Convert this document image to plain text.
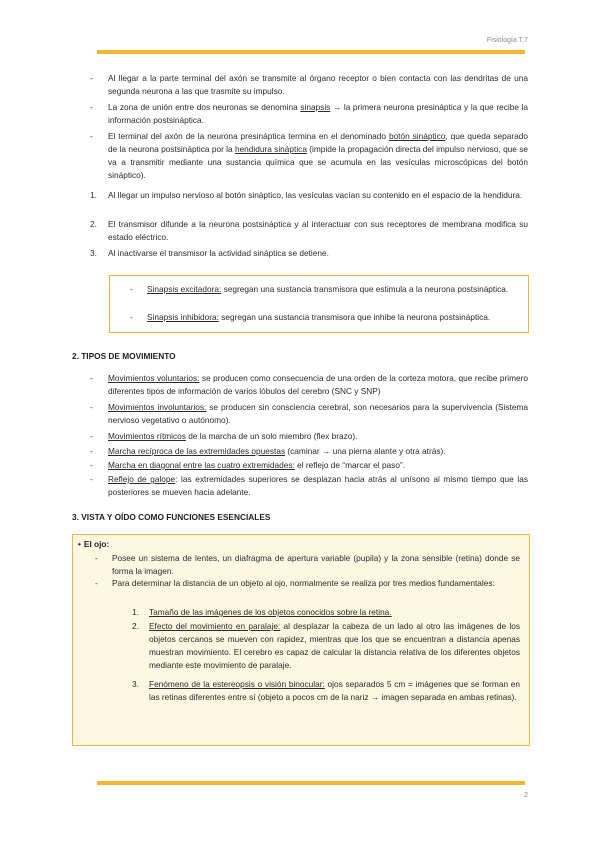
Fisiología T.7
-	Al llegar a la parte terminal del axón se transmite al órgano receptor o bien contacta con las dendritas de una segunda neurona a las que trasmite su impulso.
-	La zona de unión entre dos neuronas se denomina sinapsis → la primera neurona presináptica y la que recibe la información postsináptica.
-	El terminal del axón de la neurona presináptica termina en el denominado botón sináptico, que queda separado de la neurona postsináptica por la hendidura sináptica (impide la propagación directa del impulso nervioso, que se va a transmitir mediante una sustancia química que se acumula en las vesículas microscópicas del botón sináptico).
1.	Al llegar un impulso nervioso al botón sináptico, las vesículas vacían su contenido en el espacio de la hendidura.
2.	El transmisor difunde a la neurona postsináptica y al interactuar con sus receptores de membrana modifica su estado eléctrico.
3.	Al inactivarse el transmisor la actividad sináptica se detiene.
- Sinapsis excitadora: segregan una sustancia transmisora que estimula a la neurona postsináptica.
- Sinapsis inhibidora: segregan una sustancia transmisora que inhibe la neurona postsináptica.
2. TIPOS DE MOVIMIENTO
-	Movimientos voluntarios: se producen como consecuencia de una orden de la corteza motora, que recibe primero diferentes tipos de información de varios lóbulos del cerebro (SNC y SNP)
-	Movimientos involuntarios: se producen sin consciencia cerebral, son necesarios para la supervivencia (Sistema nervioso vegetativo o autónomo).
-	Movimientos rítmicos de la marcha de un solo miembro (flex brazo).
-	Marcha recíproca de las extremidades opuestas (caminar → una pierna alante y otra atrás).
-	Marcha en diagonal entre las cuatro extremidades: el reflejo de “marcar el paso”.
-	Reflejo de galope: las extremidades superiores se desplazan hacia atrás al unísono al mismo tiempo que las posteriores se mueven hacia adelante.
3. VISTA Y OÍDO COMO FUNCIONES ESENCIALES
• El ojo:
- Posee un sistema de lentes, un diafragma de apertura variable (pupila) y la zona sensible (retina) donde se forma la imagen.
- Para determinar la distancia de un objeto al ojo, normalmente se realiza por tres medios fundamentales:
1. Tamaño de las imágenes de los objetos conocidos sobre la retina.
2. Efecto del movimiento en paralaje: al desplazar la cabeza de un lado al otro las imágenes de los objetos cercanos se mueven con rapidez, mientras que los que se encuentran a distancia apenas muestran movimiento. El cerebro es capaz de calcular la distancia relativa de los diferentes objetos mediante este movimiento de paralaje.
3. Fenómeno de la estereopsis o visión binocular: ojos separados 5 cm = imágenes que se forman en las retinas diferentes entre sí (objeto a pocos cm de la nariz → imagen separada en ambas retinas).
2
